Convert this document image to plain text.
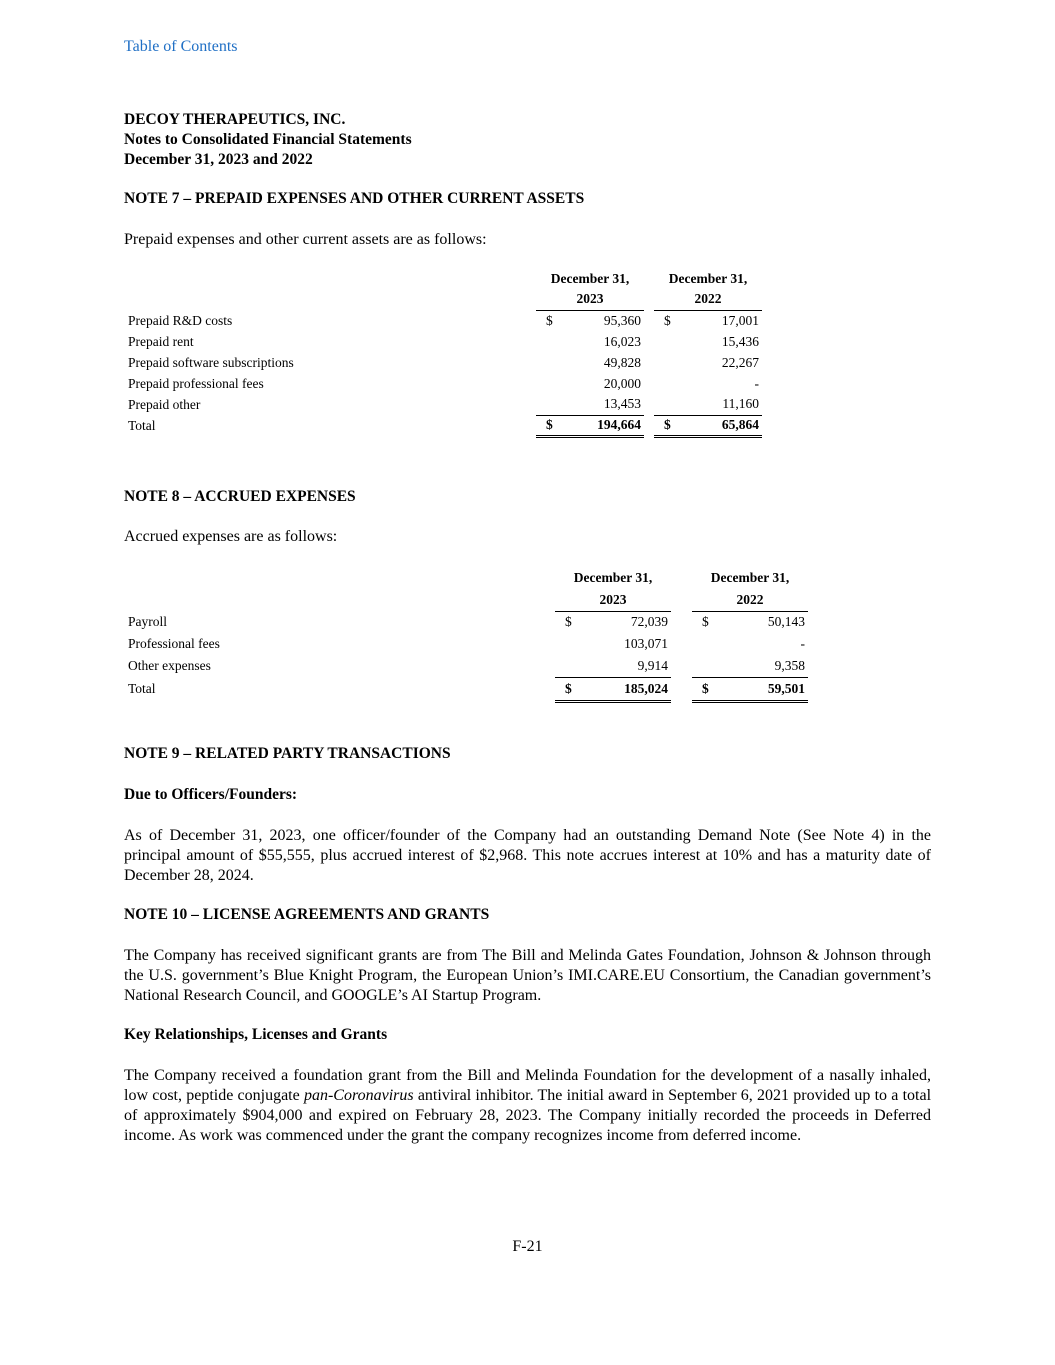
Table of Contents
DECOY THERAPEUTICS, INC.
Notes to Consolidated Financial Statements
December 31, 2023 and 2022
NOTE 7 – PREPAID EXPENSES AND OTHER CURRENT ASSETS
Prepaid expenses and other current assets are as follows:
	December 31,		December 31,
	2023		2022
Prepaid R&D costs	$ 95,360		$ 17,001
Prepaid rent	16,023		15,436
Prepaid software subscriptions	49,828		22,267
Prepaid professional fees	20,000		-
Prepaid other	13,453		11,160
Total	$ 194,664		$ 65,864
NOTE 8 – ACCRUED EXPENSES
Accrued expenses are as follows:
	December 31,		December 31,
	2023		2022
Payroll	$ 72,039		$ 50,143
Professional fees	103,071		-
Other expenses	9,914		9,358
Total	$ 185,024		$ 59,501
NOTE 9 – RELATED PARTY TRANSACTIONS
Due to Officers/Founders:

As of December 31, 2023, one officer/founder of the Company had an outstanding Demand Note (See Note 4) in the principal amount of $55,555, plus accrued interest of $2,968. This note accrues interest at 10% and has a maturity date of December 28, 2024.

NOTE 10 – LICENSE AGREEMENTS AND GRANTS

The Company has received significant grants are from The Bill and Melinda Gates Foundation, Johnson & Johnson through the U.S. government’s Blue Knight Program, the European Union’s IMI.CARE.EU Consortium, the Canadian government’s National Research Council, and GOOGLE’s AI Startup Program.

Key Relationships, Licenses and Grants

The Company received a foundation grant from the Bill and Melinda Foundation for the development of a nasally inhaled, low cost, peptide conjugate pan-Coronavirus antiviral inhibitor. The initial award in September 6, 2021 provided up to a total of approximately $904,000 and expired on February 28, 2023. The Company initially recorded the proceeds in Deferred income. As work was commenced under the grant the company recognizes income from deferred income.

F-21
